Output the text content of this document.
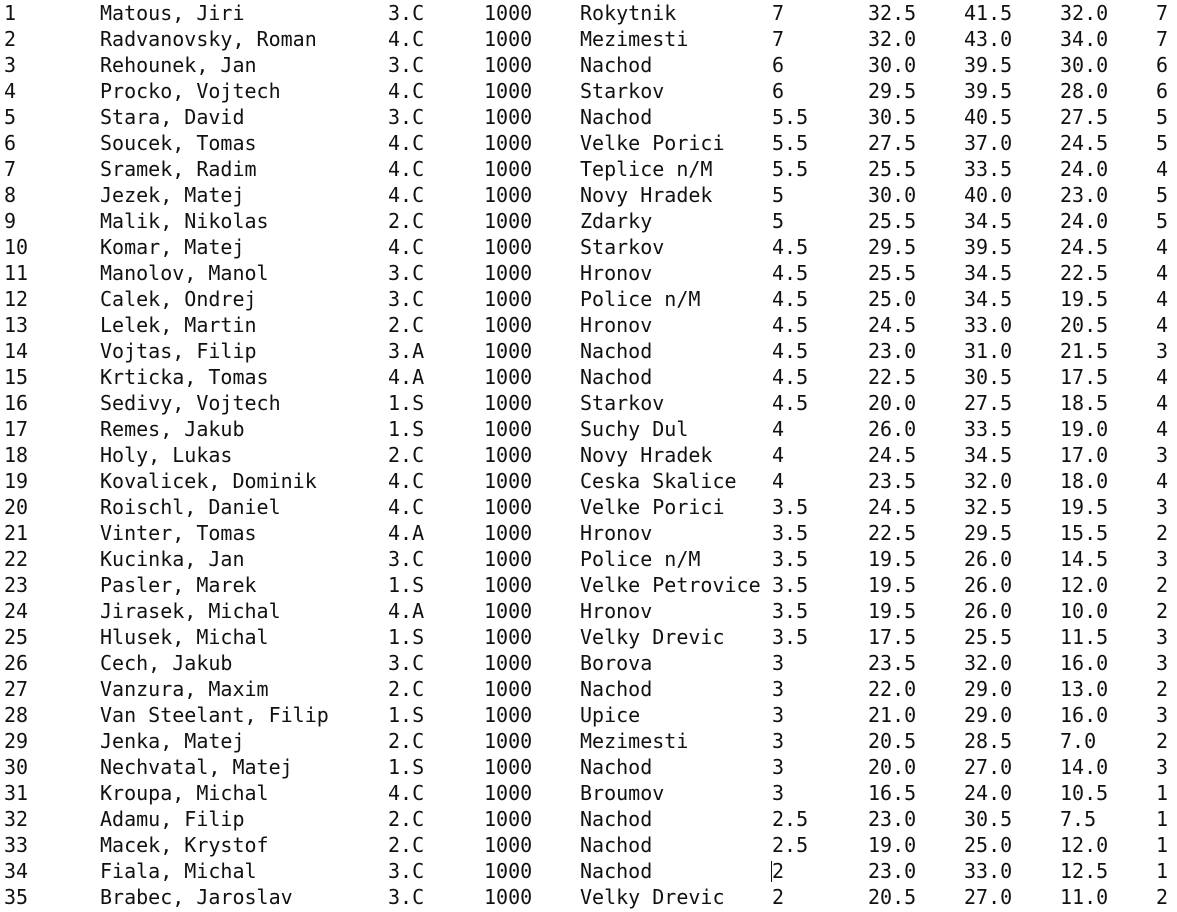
1	Matous, Jiri	3.C	1000 Rokytnik	7	32.5 41.5 32.0 7
2	Radvanovsky, Roman	4.C	1000 Mezimesti	7	32.0 43.0 34.0 7
3	Rehounek, Jan	3.C	1000 Nachod	6	30.0 39.5 30.0 6
4	Procko, Vojtech	4.C	1000 Starkov	6	29.5 39.5 28.0 6
5	Stara, David	3.C	1000 Nachod	5.5	30.5 40.5 27.5 5
6	Soucek, Tomas	4.C	1000 Velke Porici 5.5	27.5 37.0 24.5 5
7	Sramek, Radim	4.C	1000 Teplice n/M	5.5	25.5 33.5 24.0 4
8	Jezek, Matej	4.C	1000 Novy Hradek	5	30.0 40.0 23.0 5
9	Malik, Nikolas	2.C	1000 Zdarky	5	25.5 34.5 24.0 5
10	Komar, Matej	4.C	1000 Starkov	4.5	29.5 39.5 24.5 4
11	Manolov, Manol	3.C	1000 Hronov	4.5	25.5 34.5 22.5 4
12	Calek, Ondrej	3.C	1000 Police n/M	4.5	25.0 34.5 19.5 4
13	Lelek, Martin	2.C	1000 Hronov	4.5	24.5 33.0 20.5 4
14	Vojtas, Filip	3.A	1000 Nachod	4.5	23.0 31.0 21.5 3
15	Krticka, Tomas	4.A	1000 Nachod	4.5	22.5 30.5 17.5 4
16	Sedivy, Vojtech	1.S	1000 Starkov	4.5	20.0 27.5 18.5 4
17	Remes, Jakub	1.S	1000 Suchy Dul	4	26.0 33.5 19.0 4
18	Holy, Lukas	2.C	1000 Novy Hradek	4	24.5 34.5 17.0 3
19	Kovalicek, Dominik	4.C	1000 Ceska Skalice 4	23.5 32.0 18.0 4
20	Roischl, Daniel	4.C	1000 Velke Porici 3.5	24.5 32.5 19.5 3
21	Vinter, Tomas	4.A	1000 Hronov	3.5	22.5 29.5 15.5 2
22	Kucinka, Jan	3.C	1000 Police n/M	3.5	19.5 26.0 14.5 3
23	Pasler, Marek	1.S	1000 Velke Petrovice 3.5	19.5 26.0 12.0 2
24	Jirasek, Michal	4.A	1000 Hronov	3.5	19.5 26.0 10.0 2
25	Hlusek, Michal	1.S	1000 Velky Drevic 3.5	17.5 25.5 11.5 3
26	Cech, Jakub	3.C	1000 Borova	3	23.5 32.0 16.0 3
27	Vanzura, Maxim	2.C	1000 Nachod	3	22.0 29.0 13.0 2
28	Van Steelant, Filip	1.S	1000 Upice	3	21.0 29.0 16.0 3
29	Jenka, Matej	2.C	1000 Mezimesti	3	20.5 28.5 7.0	2
30	Nechvatal, Matej	1.S	1000 Nachod	3	20.0 27.0 14.0 3
31	Kroupa, Michal	4.C	1000 Broumov	3	16.5 24.0 10.5 1
32	Adamu, Filip	2.C	1000 Nachod	2.5	23.0 30.5 7.5	1
33	Macek, Krystof	2.C	1000 Nachod	2.5	19.0 25.0 12.0 1
34	Fiala, Michal	3.C	1000 Nachod	2	23.0 33.0 12.5 1
35	Brabec, Jaroslav	3.C	1000 Velky Drevic 2	20.5 27.0 11.0 2
